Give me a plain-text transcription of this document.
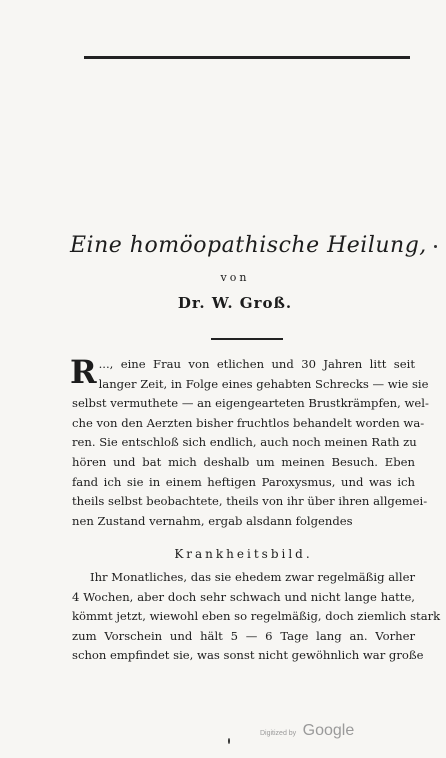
Eine homöopathische Heilung,
von
Dr. W. Groß.
R ..., eine Frau von etlichen und 30 Jahren litt seit
langer Zeit, in Folge eines gehabten Schrecks — wie sie
selbst vermuthete — an eigengearteten Brustkrämpfen, wel-
che von den Aerzten bisher fruchtlos behandelt worden wa-
ren. Sie entschloß sich endlich, auch noch meinen Rath zu
hören und bat mich deshalb um meinen Besuch. Eben
fand ich sie in einem heftigen Paroxysmus, und was ich
theils selbst beobachtete, theils von ihr über ihren allgemei-
nen Zustand vernahm, ergab alsdann folgendes
Krankheitsbild.
Ihr Monatliches, das sie ehedem zwar regelmäßig aller
4 Wochen, aber doch sehr schwach und nicht lange hatte,
kömmt jetzt, wiewohl eben so regelmäßig, doch ziemlich stark
zum Vorschein und hält 5 — 6 Tage lang an. Vorher
schon empfindet sie, was sonst nicht gewöhnlich war große
Digitized by Google
